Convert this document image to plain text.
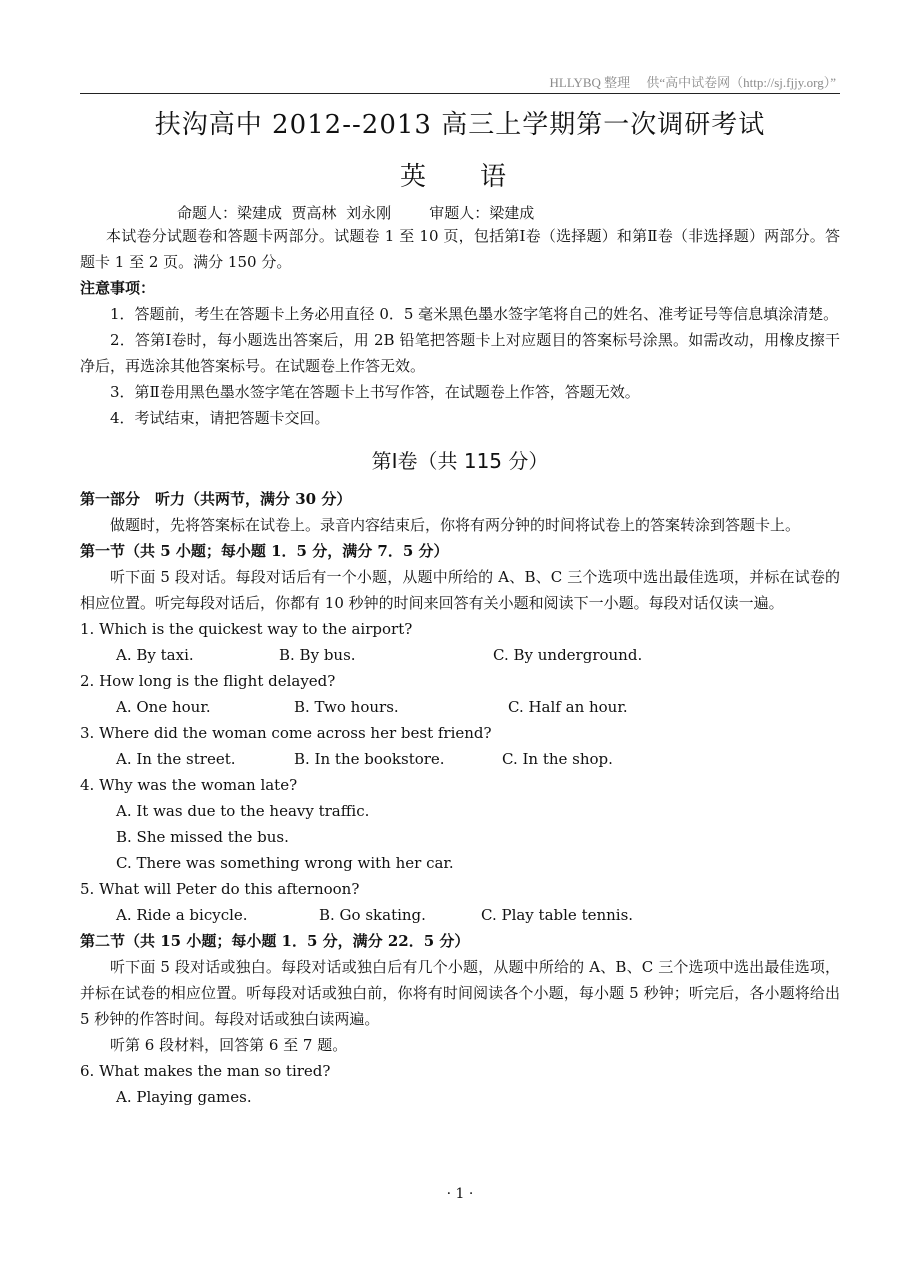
HLLYBQ 整理　 供“高中试卷网（http://sj.fjjy.org）”
扶沟高中 2012--2013 高三上学期第一次调研考试
英　语
命题人：梁建成  贾高林  刘永刚        审题人：梁建成

本试卷分试题卷和答题卡两部分。试题卷 1 至 10 页，包括第Ⅰ卷（选择题）和第Ⅱ卷（非选择题）两部分。答题卡 1 至 2 页。满分 150 分。

注意事项：

1．答题前，考生在答题卡上务必用直径 0．5 毫米黑色墨水签字笔将自己的姓名、准考证号等信息填涂清楚。

2．答第Ⅰ卷时，每小题选出答案后，用 2B 铅笔把答题卡上对应题目的答案标号涂黑。如需改动，用橡皮擦干净后，再选涂其他答案标号。在试题卷上作答无效。

3．第Ⅱ卷用黑色墨水签字笔在答题卡上书写作答，在试题卷上作答，答题无效。

4．考试结束，请把答题卡交回。

第Ⅰ卷（共 115 分）

第一部分　听力（共两节，满分 30 分）

做题时，先将答案标在试卷上。录音内容结束后，你将有两分钟的时间将试卷上的答案转涂到答题卡上。

第一节（共 5 小题；每小题 1．5 分，满分 7．5 分）

听下面 5 段对话。每段对话后有一个小题，从题中所给的 A、B、C 三个选项中选出最佳选项，并标在试卷的相应位置。听完每段对话后，你都有 10 秒钟的时间来回答有关小题和阅读下一小题。每段对话仅读一遍。

1. Which is the quickest way to the airport?

A. By taxi.	B. By bus.	C. By underground.

2. How long is the flight delayed?

A. One hour.	B. Two hours.	C. Half an hour.

3. Where did the woman come across her best friend?

A. In the street.	B. In the bookstore.	C. In the shop.

4. Why was the woman late?

A. It was due to the heavy traffic.
B. She missed the bus.
C. There was something wrong with her car.

5. What will Peter do this afternoon?

A. Ride a bicycle.	B. Go skating.	C. Play table tennis.

第二节（共 15 小题；每小题 1．5 分，满分 22．5 分）

听下面 5 段对话或独白。每段对话或独白后有几个小题，从题中所给的 A、B、C 三个选项中选出最佳选项，并标在试卷的相应位置。听每段对话或独白前，你将有时间阅读各个小题，每小题 5 秒钟；听完后，各小题将给出 5 秒钟的作答时间。每段对话或独白读两遍。

听第 6 段材料，回答第 6 至 7 题。

6. What makes the man so tired?

A. Playing games.
· 1 ·
